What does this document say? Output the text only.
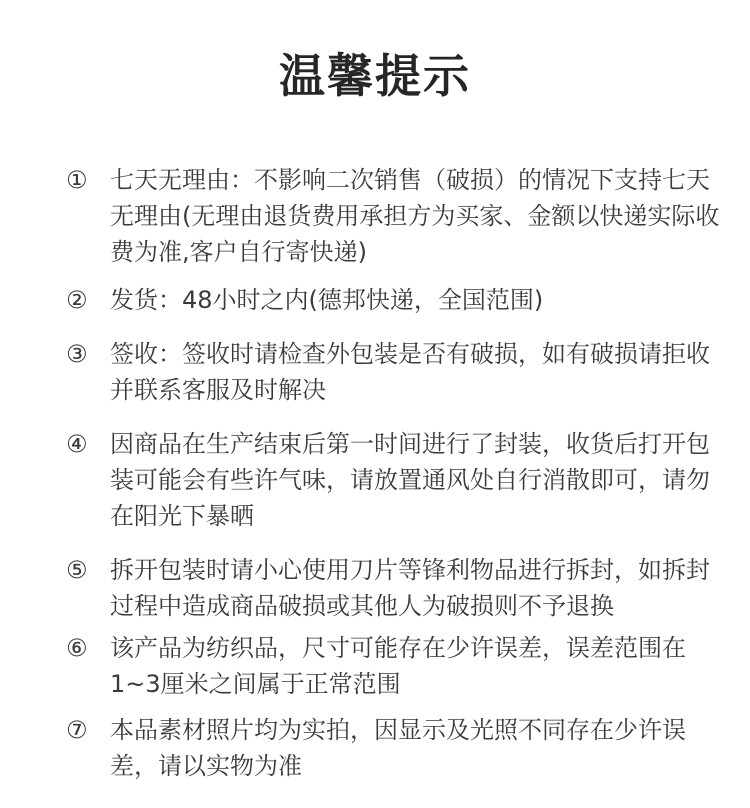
温馨提示
① 七天无理由：不影响二次销售（破损）的情况下支持七天无理由(无理由退货费用承担方为买家、金额以快递实际收费为准,客户自行寄快递)
② 发货：48小时之内(德邦快递，全国范围)
③ 签收：签收时请检查外包装是否有破损，如有破损请拒收并联系客服及时解决
④ 因商品在生产结束后第一时间进行了封装，收货后打开包装可能会有些许气味，请放置通风处自行消散即可，请勿在阳光下暴晒
⑤ 拆开包装时请小心使用刀片等锋利物品进行拆封，如拆封过程中造成商品破损或其他人为破损则不予退换
⑥ 该产品为纺织品，尺寸可能存在少许误差，误差范围在1~3厘米之间属于正常范围
⑦ 本品素材照片均为实拍，因显示及光照不同存在少许误差，请以实物为准
